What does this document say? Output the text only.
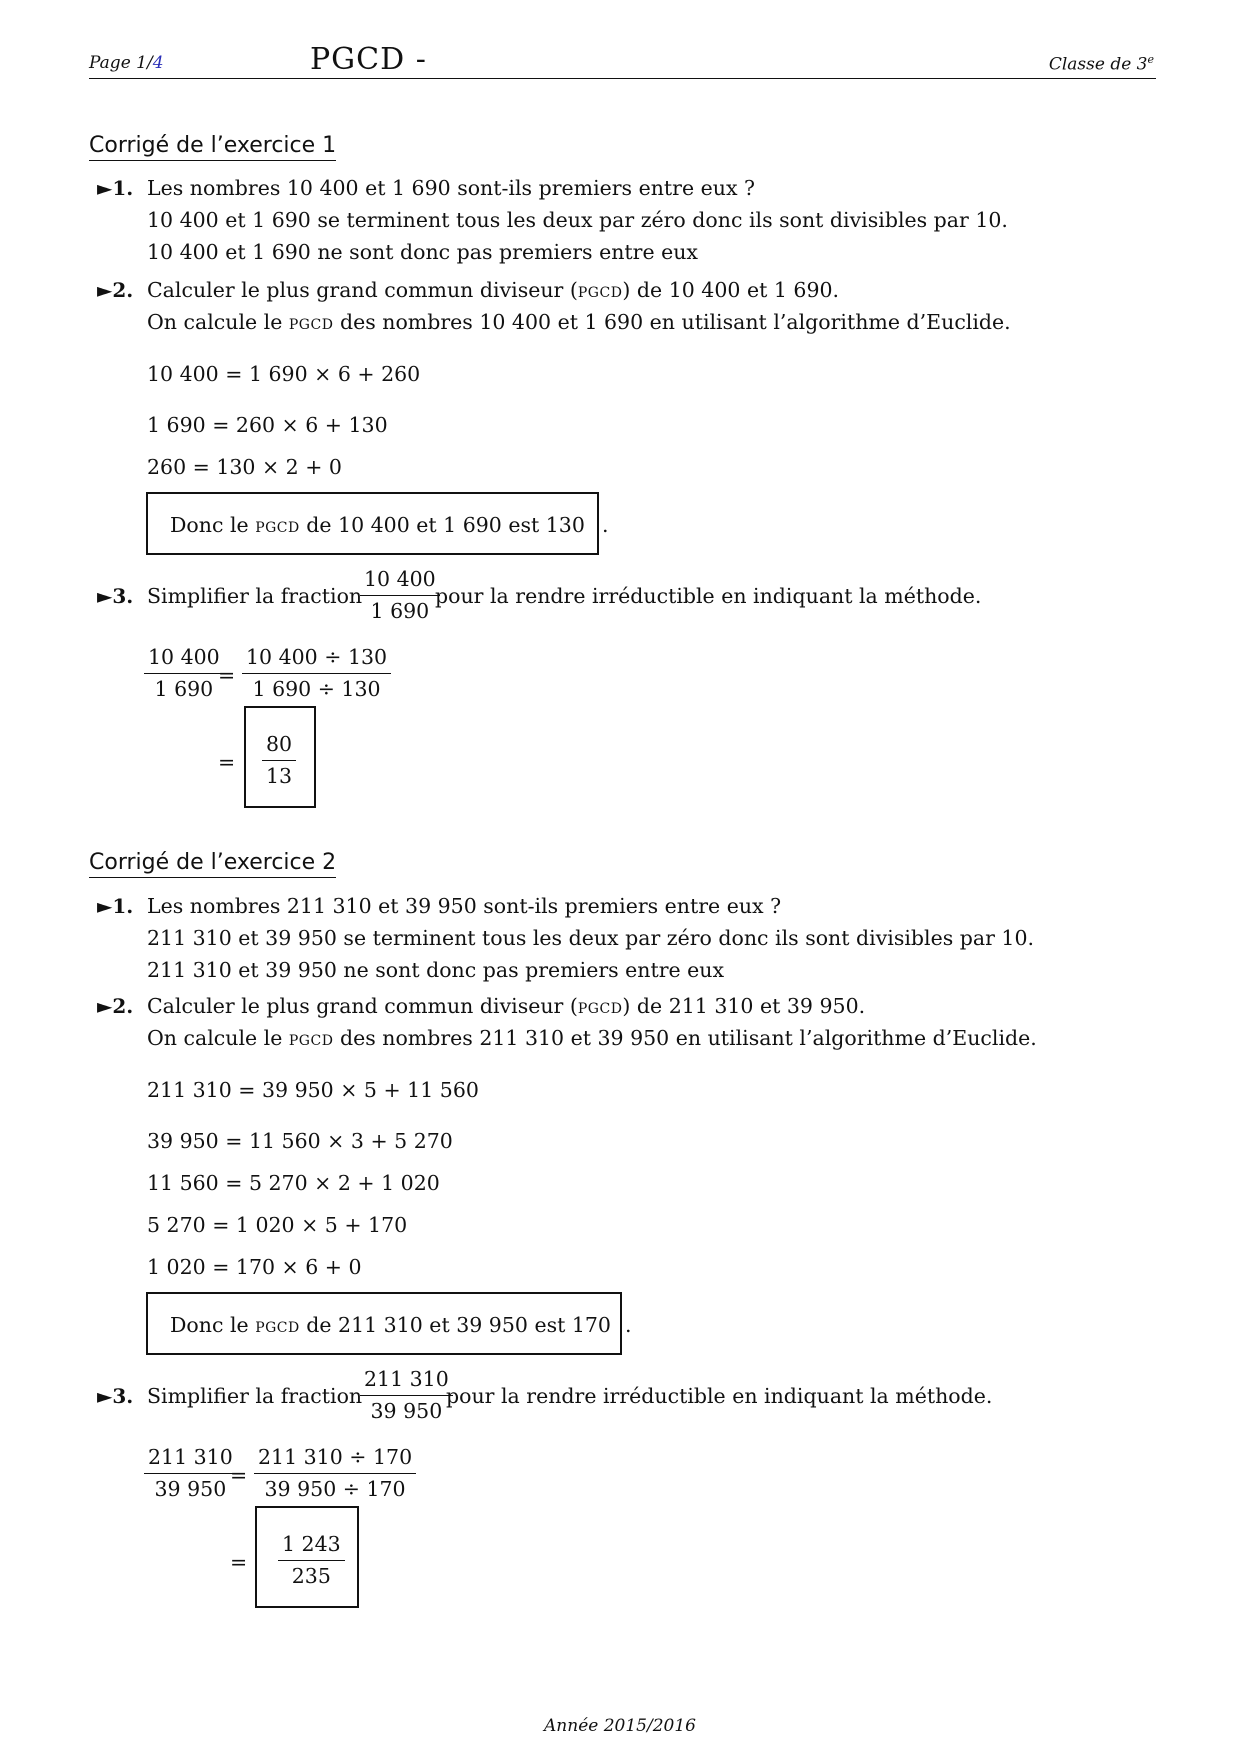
Page 1/4	PGCD -	Classe de 3e
Corrigé de l’exercice 1
►1. Les nombres 10 400 et 1 690 sont-ils premiers entre eux ?
10 400 et 1 690 se terminent tous les deux par zéro donc ils sont divisibles par 10.
10 400 et 1 690 ne sont donc pas premiers entre eux
►2. Calculer le plus grand commun diviseur (pgcd) de 10 400 et 1 690.
On calcule le pgcd des nombres 10 400 et 1 690 en utilisant l’algorithme d’Euclide.
10 400 = 1 690 × 6 + 260
1 690 = 260 × 6 + 130
260 = 130 × 2 + 0
Donc le pgcd de 10 400 et 1 690 est 130 .
►3. Simplifier la fraction
$\frac{10 400}{1 690}$
pour la rendre irréductible en indiquant la méthode.
$\frac{10 400}{1 690}$
= $\frac{10 400 \div 130}{1 690 \div 130}$
= $\frac{80}{13}$
Corrigé de l’exercice 2
►1. Les nombres 211 310 et 39 950 sont-ils premiers entre eux ?
211 310 et 39 950 se terminent tous les deux par zéro donc ils sont divisibles par 10.
211 310 et 39 950 ne sont donc pas premiers entre eux
►2. Calculer le plus grand commun diviseur (pgcd) de 211 310 et 39 950.
On calcule le pgcd des nombres 211 310 et 39 950 en utilisant l’algorithme d’Euclide.
211 310 = 39 950 × 5 + 11 560
39 950 = 11 560 × 3 + 5 270
11 560 = 5 270 × 2 + 1 020
5 270 = 1 020 × 5 + 170
1 020 = 170 × 6 + 0
Donc le pgcd de 211 310 et 39 950 est 170 .
►3. Simplifier la fraction
$\frac{211 310}{39 950}$
pour la rendre irréductible en indiquant la méthode.
$\frac{211 310}{39 950}$
= $\frac{211 310 \div 170}{39 950 \div 170}$
= $\frac{1 243}{235}$
Année 2015/2016
